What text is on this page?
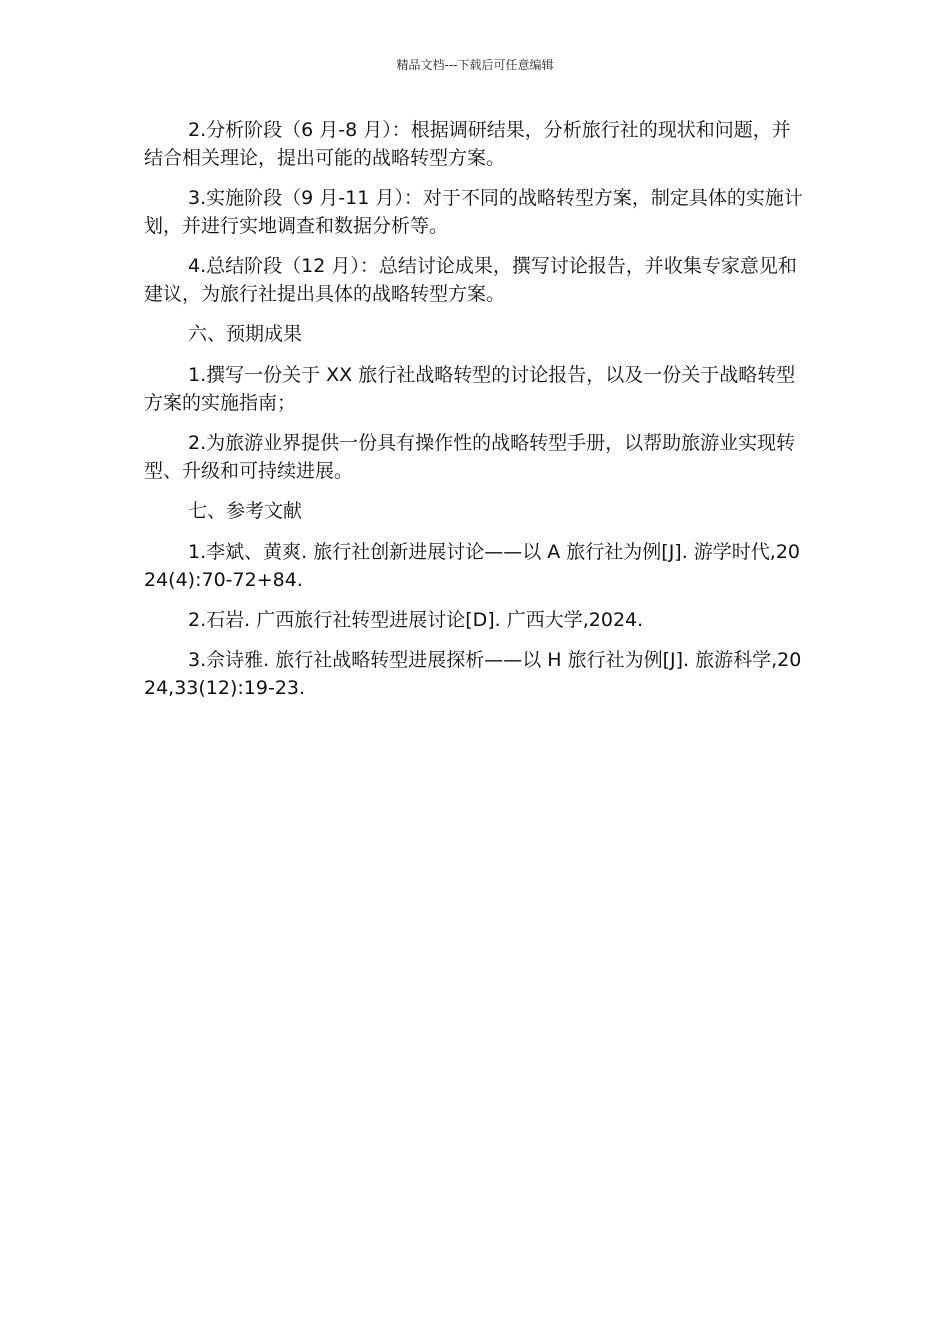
精品文档---下载后可任意编辑

2.分析阶段（6 月-8 月）：根据调研结果，分析旅行社的现状和问题，并结合相关理论，提出可能的战略转型方案。

3.实施阶段（9 月-11 月）：对于不同的战略转型方案，制定具体的实施计划，并进行实地调查和数据分析等。

4.总结阶段（12 月）：总结讨论成果，撰写讨论报告，并收集专家意见和建议，为旅行社提出具体的战略转型方案。

六、预期成果

1.撰写一份关于 XX 旅行社战略转型的讨论报告，以及一份关于战略转型方案的实施指南；

2.为旅游业界提供一份具有操作性的战略转型手册，以帮助旅游业实现转型、升级和可持续进展。

七、参考文献

1.李斌、黄爽. 旅行社创新进展讨论——以 A 旅行社为例[J]. 游学时代,2024(4):70-72+84.

2.石岩. 广西旅行社转型进展讨论[D]. 广西大学,2024.

3.佘诗雅. 旅行社战略转型进展探析——以 H 旅行社为例[J]. 旅游科学,2024,33(12):19-23.
